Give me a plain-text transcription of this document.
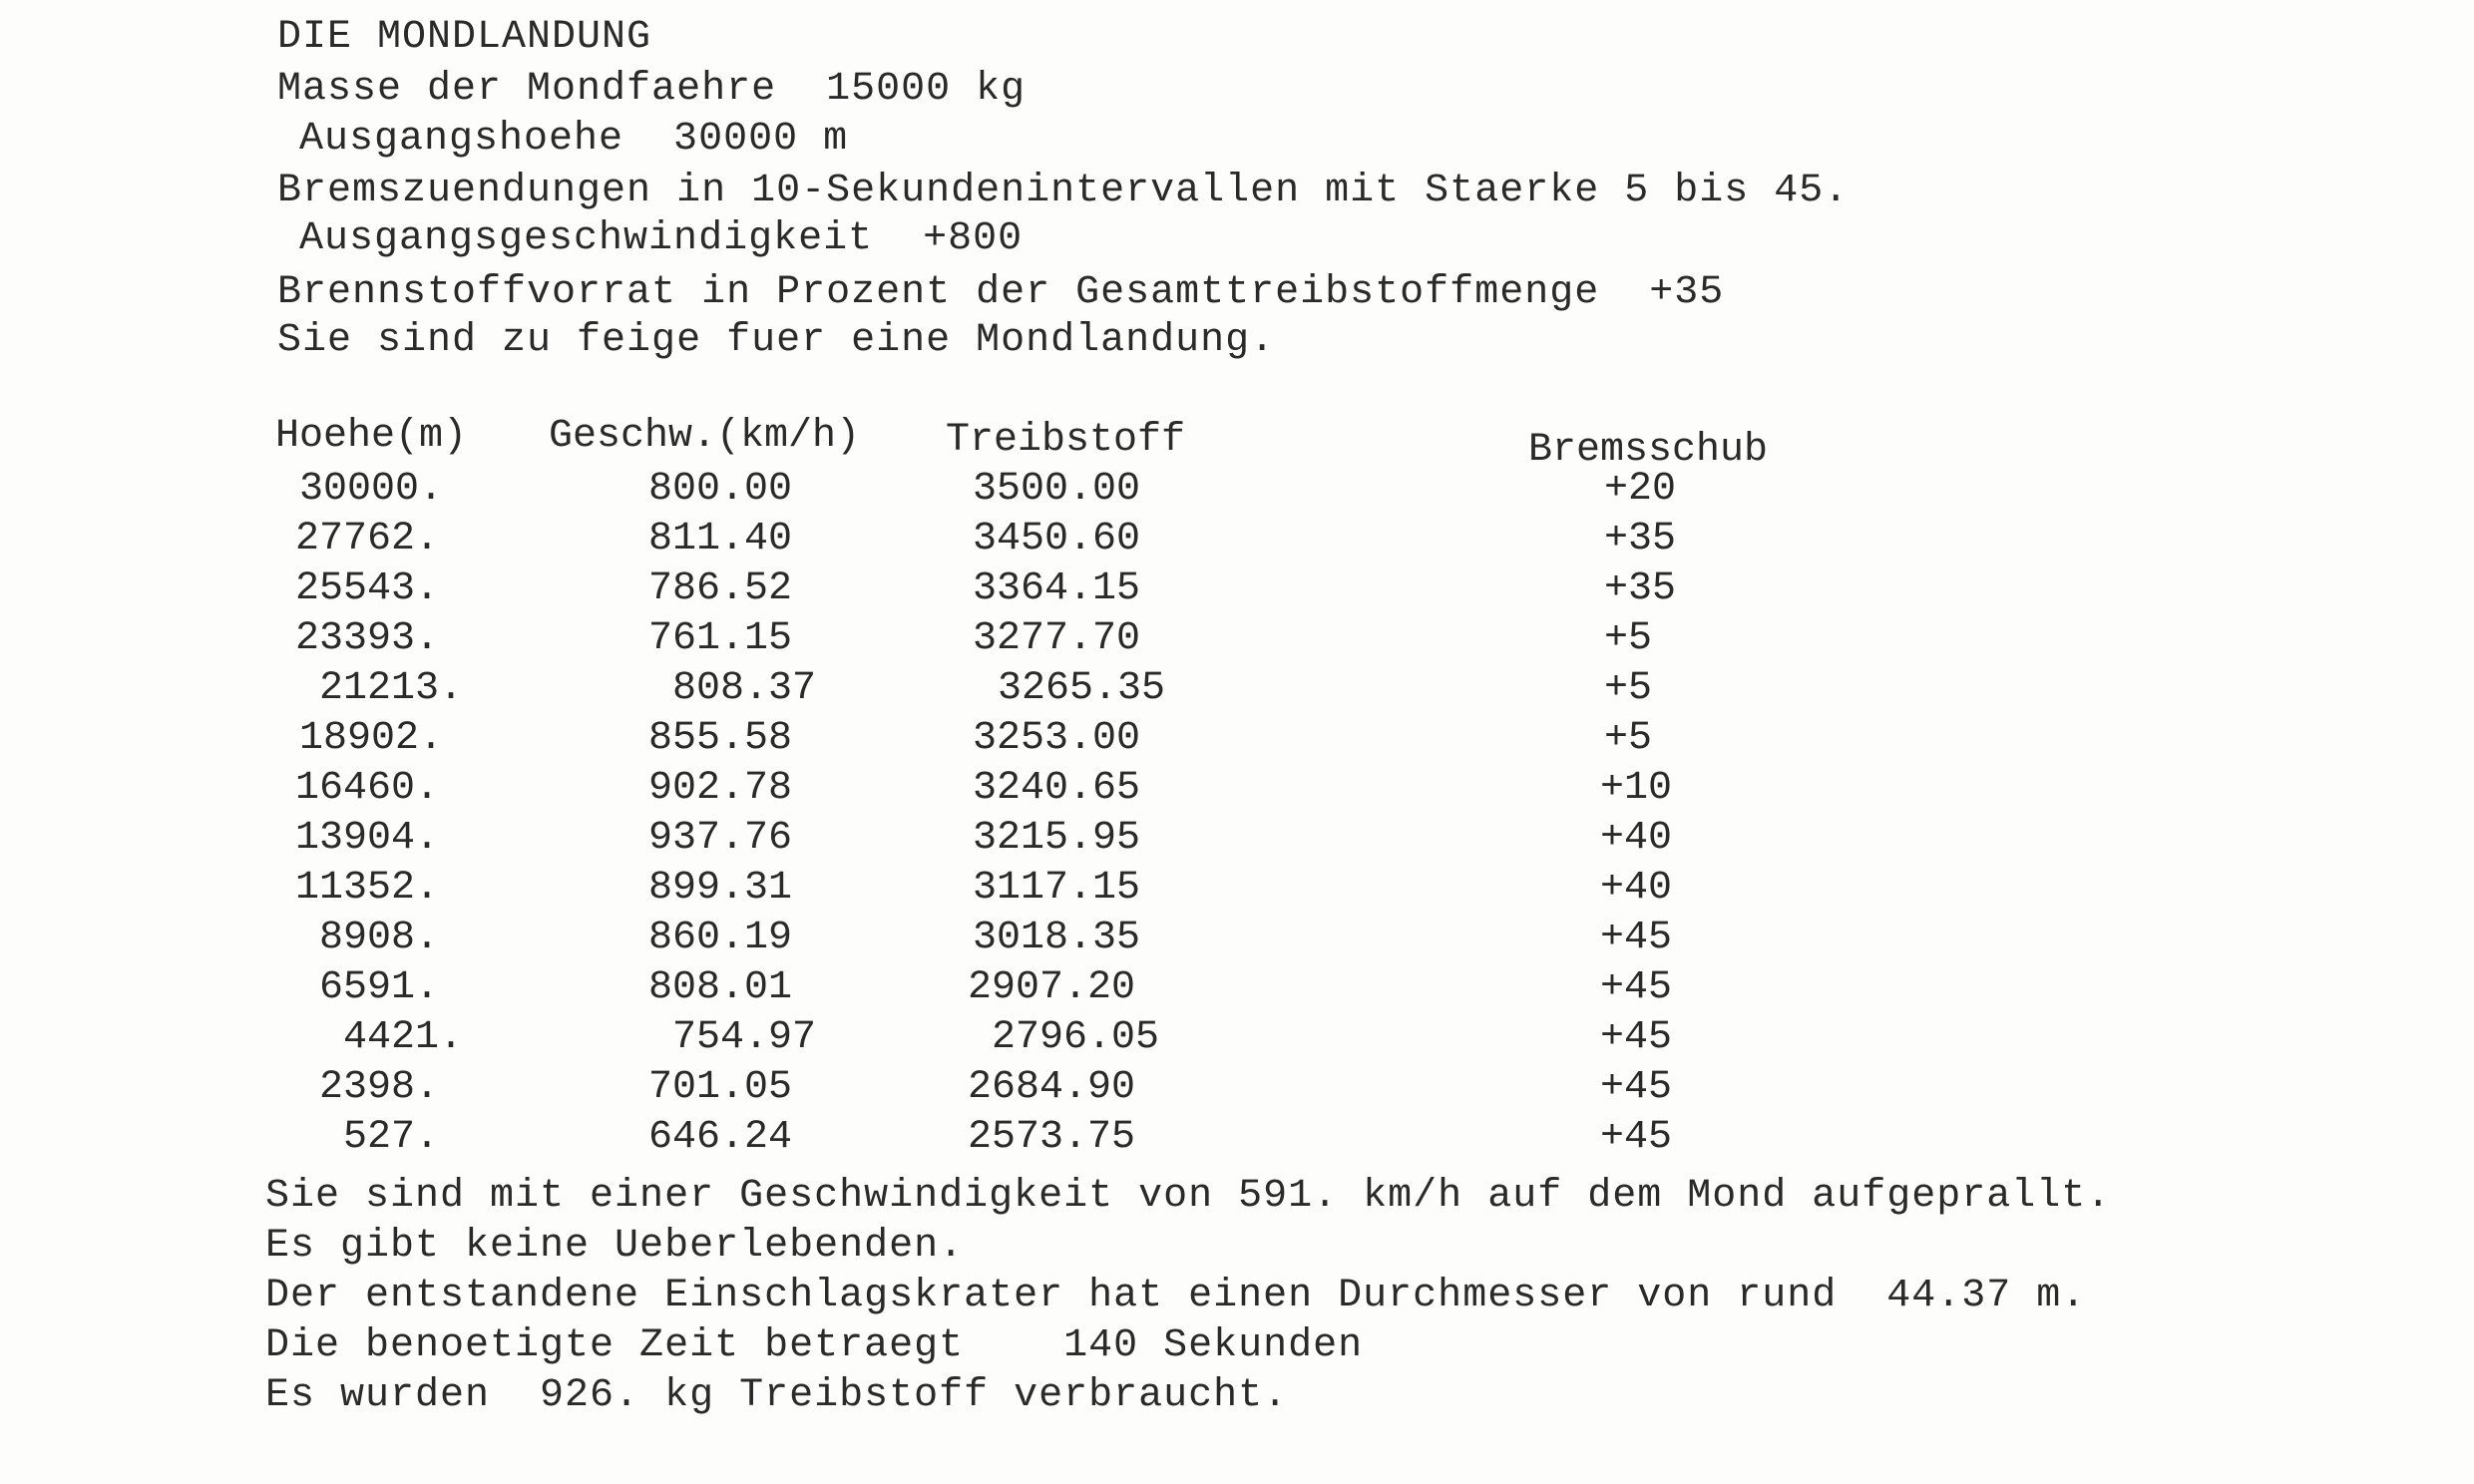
DIE MONDLANDUNG
Masse der Mondfaehre  15000 kg
Ausgangshoehe  30000 m
Bremszuendungen in 10-Sekundenintervallen mit Staerke 5 bis 45.
Ausgangsgeschwindigkeit  +800
Brennstoffvorrat in Prozent der Gesamttreibstoffmenge  +35
Sie sind zu feige fuer eine Mondlandung.
Hoehe(m) Geschw.(km/h) Treibstoff	Bremsschub
30000.	800.00	3500.00	+20
27762.	811.40	3450.60	+35
25543.	786.52	3364.15	+35
23393.	761.15	3277.70	+5
21213.	808.37	3265.35	+5
18902.	855.58	3253.00	+5
16460.	902.78	3240.65	+10
13904.	937.76	3215.95	+40
11352.	899.31	3117.15	+40
8908.	860.19	3018.35	+45
6591.	808.01	2907.20	+45
4421.	754.97	2796.05	+45
2398.	701.05	2684.90	+45
527.	646.24	2573.75	+45
Sie sind mit einer Geschwindigkeit von 591. km/h auf dem Mond aufgeprallt.
Es gibt keine Ueberlebenden.
Der entstandene Einschlagskrater hat einen Durchmesser von rund  44.37 m.
Die benoetigte Zeit betraegt    140 Sekunden
Es wurden  926. kg Treibstoff verbraucht.
